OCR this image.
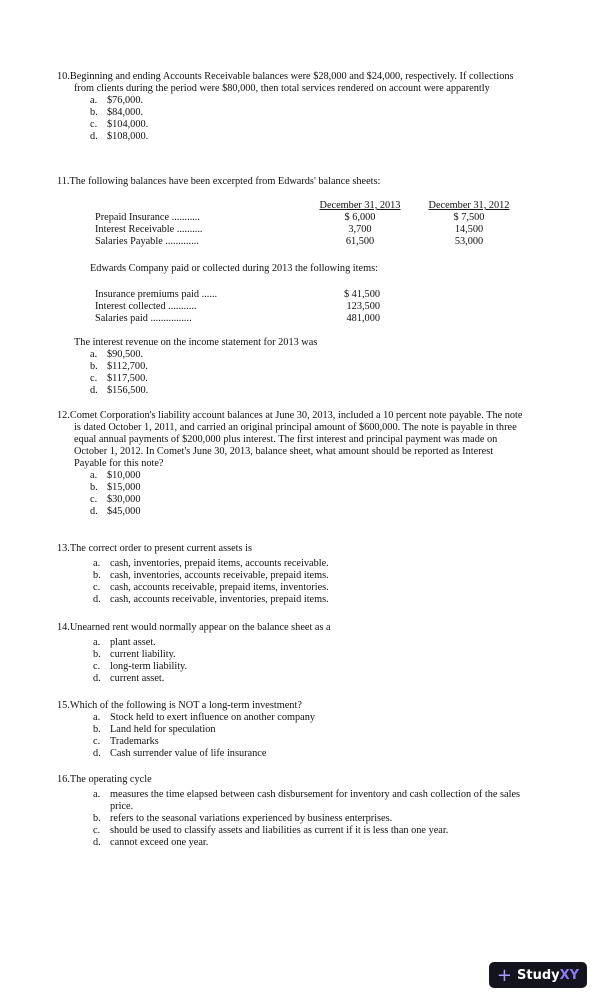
10.Beginning and ending Accounts Receivable balances were $28,000 and $24,000, respectively. If collections from clients during the period were $80,000, then total services rendered on account were apparently
a. $76,000.
b. $84,000.
c. $104,000.
d. $108,000.
11.The following balances have been excerpted from Edwards' balance sheets:
December 31, 2013	December 31, 2012
Prepaid Insurance ...........	$ 6,000	$ 7,500
Interest Receivable ..........	3,700	14,500
Salaries Payable .............	61,500	53,000
Edwards Company paid or collected during 2013 the following items:
Insurance premiums paid ......	$ 41,500
Interest collected ...........	123,500
Salaries paid ................	481,000
The interest revenue on the income statement for 2013 was
a. $90,500.
b. $112,700.
c. $117,500.
d. $156,500.
12.Comet Corporation's liability account balances at June 30, 2013, included a 10 percent note payable. The note is dated October 1, 2011, and carried an original principal amount of $600,000. The note is payable in three equal annual payments of $200,000 plus interest. The first interest and principal payment was made on October 1, 2012. In Comet's June 30, 2013, balance sheet, what amount should be reported as Interest Payable for this note?
a. $10,000
b. $15,000
c. $30,000
d. $45,000
13.The correct order to present current assets is
a. cash, inventories, prepaid items, accounts receivable.
b. cash, inventories, accounts receivable, prepaid items.
c. cash, accounts receivable, prepaid items, inventories.
d. cash, accounts receivable, inventories, prepaid items.
14.Unearned rent would normally appear on the balance sheet as a
a. plant asset.
b. current liability.
c. long-term liability.
d. current asset.
15.Which of the following is NOT a long-term investment?
a. Stock held to exert influence on another company
b. Land held for speculation
c. Trademarks
d. Cash surrender value of life insurance
16.The operating cycle
a. measures the time elapsed between cash disbursement for inventory and cash collection of the sales price.
b. refers to the seasonal variations experienced by business enterprises.
c. should be used to classify assets and liabilities as current if it is less than one year.
d. cannot exceed one year.
+ StudyXY
